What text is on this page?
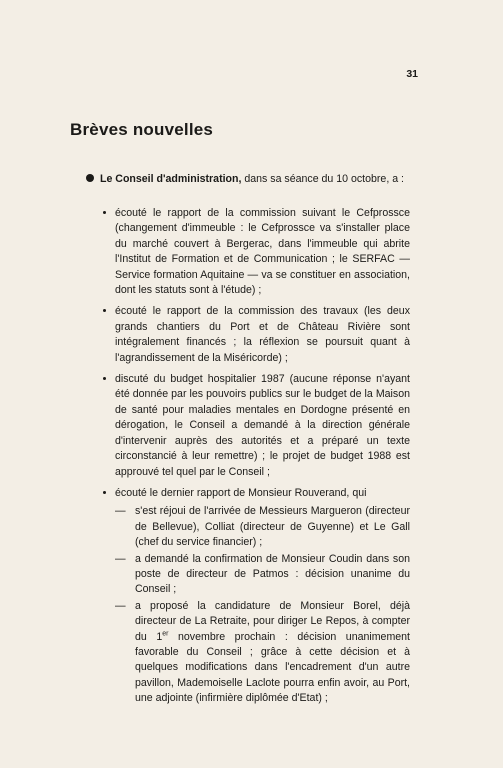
31
Brèves nouvelles
Le Conseil d'administration, dans sa séance du 10 octobre, a :
écouté le rapport de la commission suivant le Cefprossce (changement d'immeuble : le Cefprossce va s'installer place du marché couvert à Bergerac, dans l'immeuble qui abrite l'Institut de Formation et de Communication ; le SERFAC — Service formation Aquitaine — va se constituer en association, dont les statuts sont à l'étude) ;
écouté le rapport de la commission des travaux (les deux grands chantiers du Port et de Château Rivière sont intégralement financés ; la réflexion se poursuit quant à l'agrandissement de la Miséricorde) ;
discuté du budget hospitalier 1987 (aucune réponse n'ayant été donnée par les pouvoirs publics sur le budget de la Maison de santé pour maladies mentales en Dordogne présenté en dérogation, le Conseil a demandé à la direction générale d'intervenir auprès des autorités et a préparé un texte circonstancié à leur remettre) ; le projet de budget 1988 est approuvé tel quel par le Conseil ;
écouté le dernier rapport de Monsieur Rouverand, qui
— s'est réjoui de l'arrivée de Messieurs Margueron (directeur de Bellevue), Colliat (directeur de Guyenne) et Le Gall (chef du service financier) ;
— a demandé la confirmation de Monsieur Coudin dans son poste de directeur de Patmos : décision unanime du Conseil ;
— a proposé la candidature de Monsieur Borel, déjà directeur de La Retraite, pour diriger Le Repos, à compter du 1er novembre prochain : décision unanimement favorable du Conseil ; grâce à cette décision et à quelques modifications dans l'encadrement d'un autre pavillon, Mademoiselle Laclote pourra enfin avoir, au Port, une adjointe (infirmière diplômée d'Etat) ;
